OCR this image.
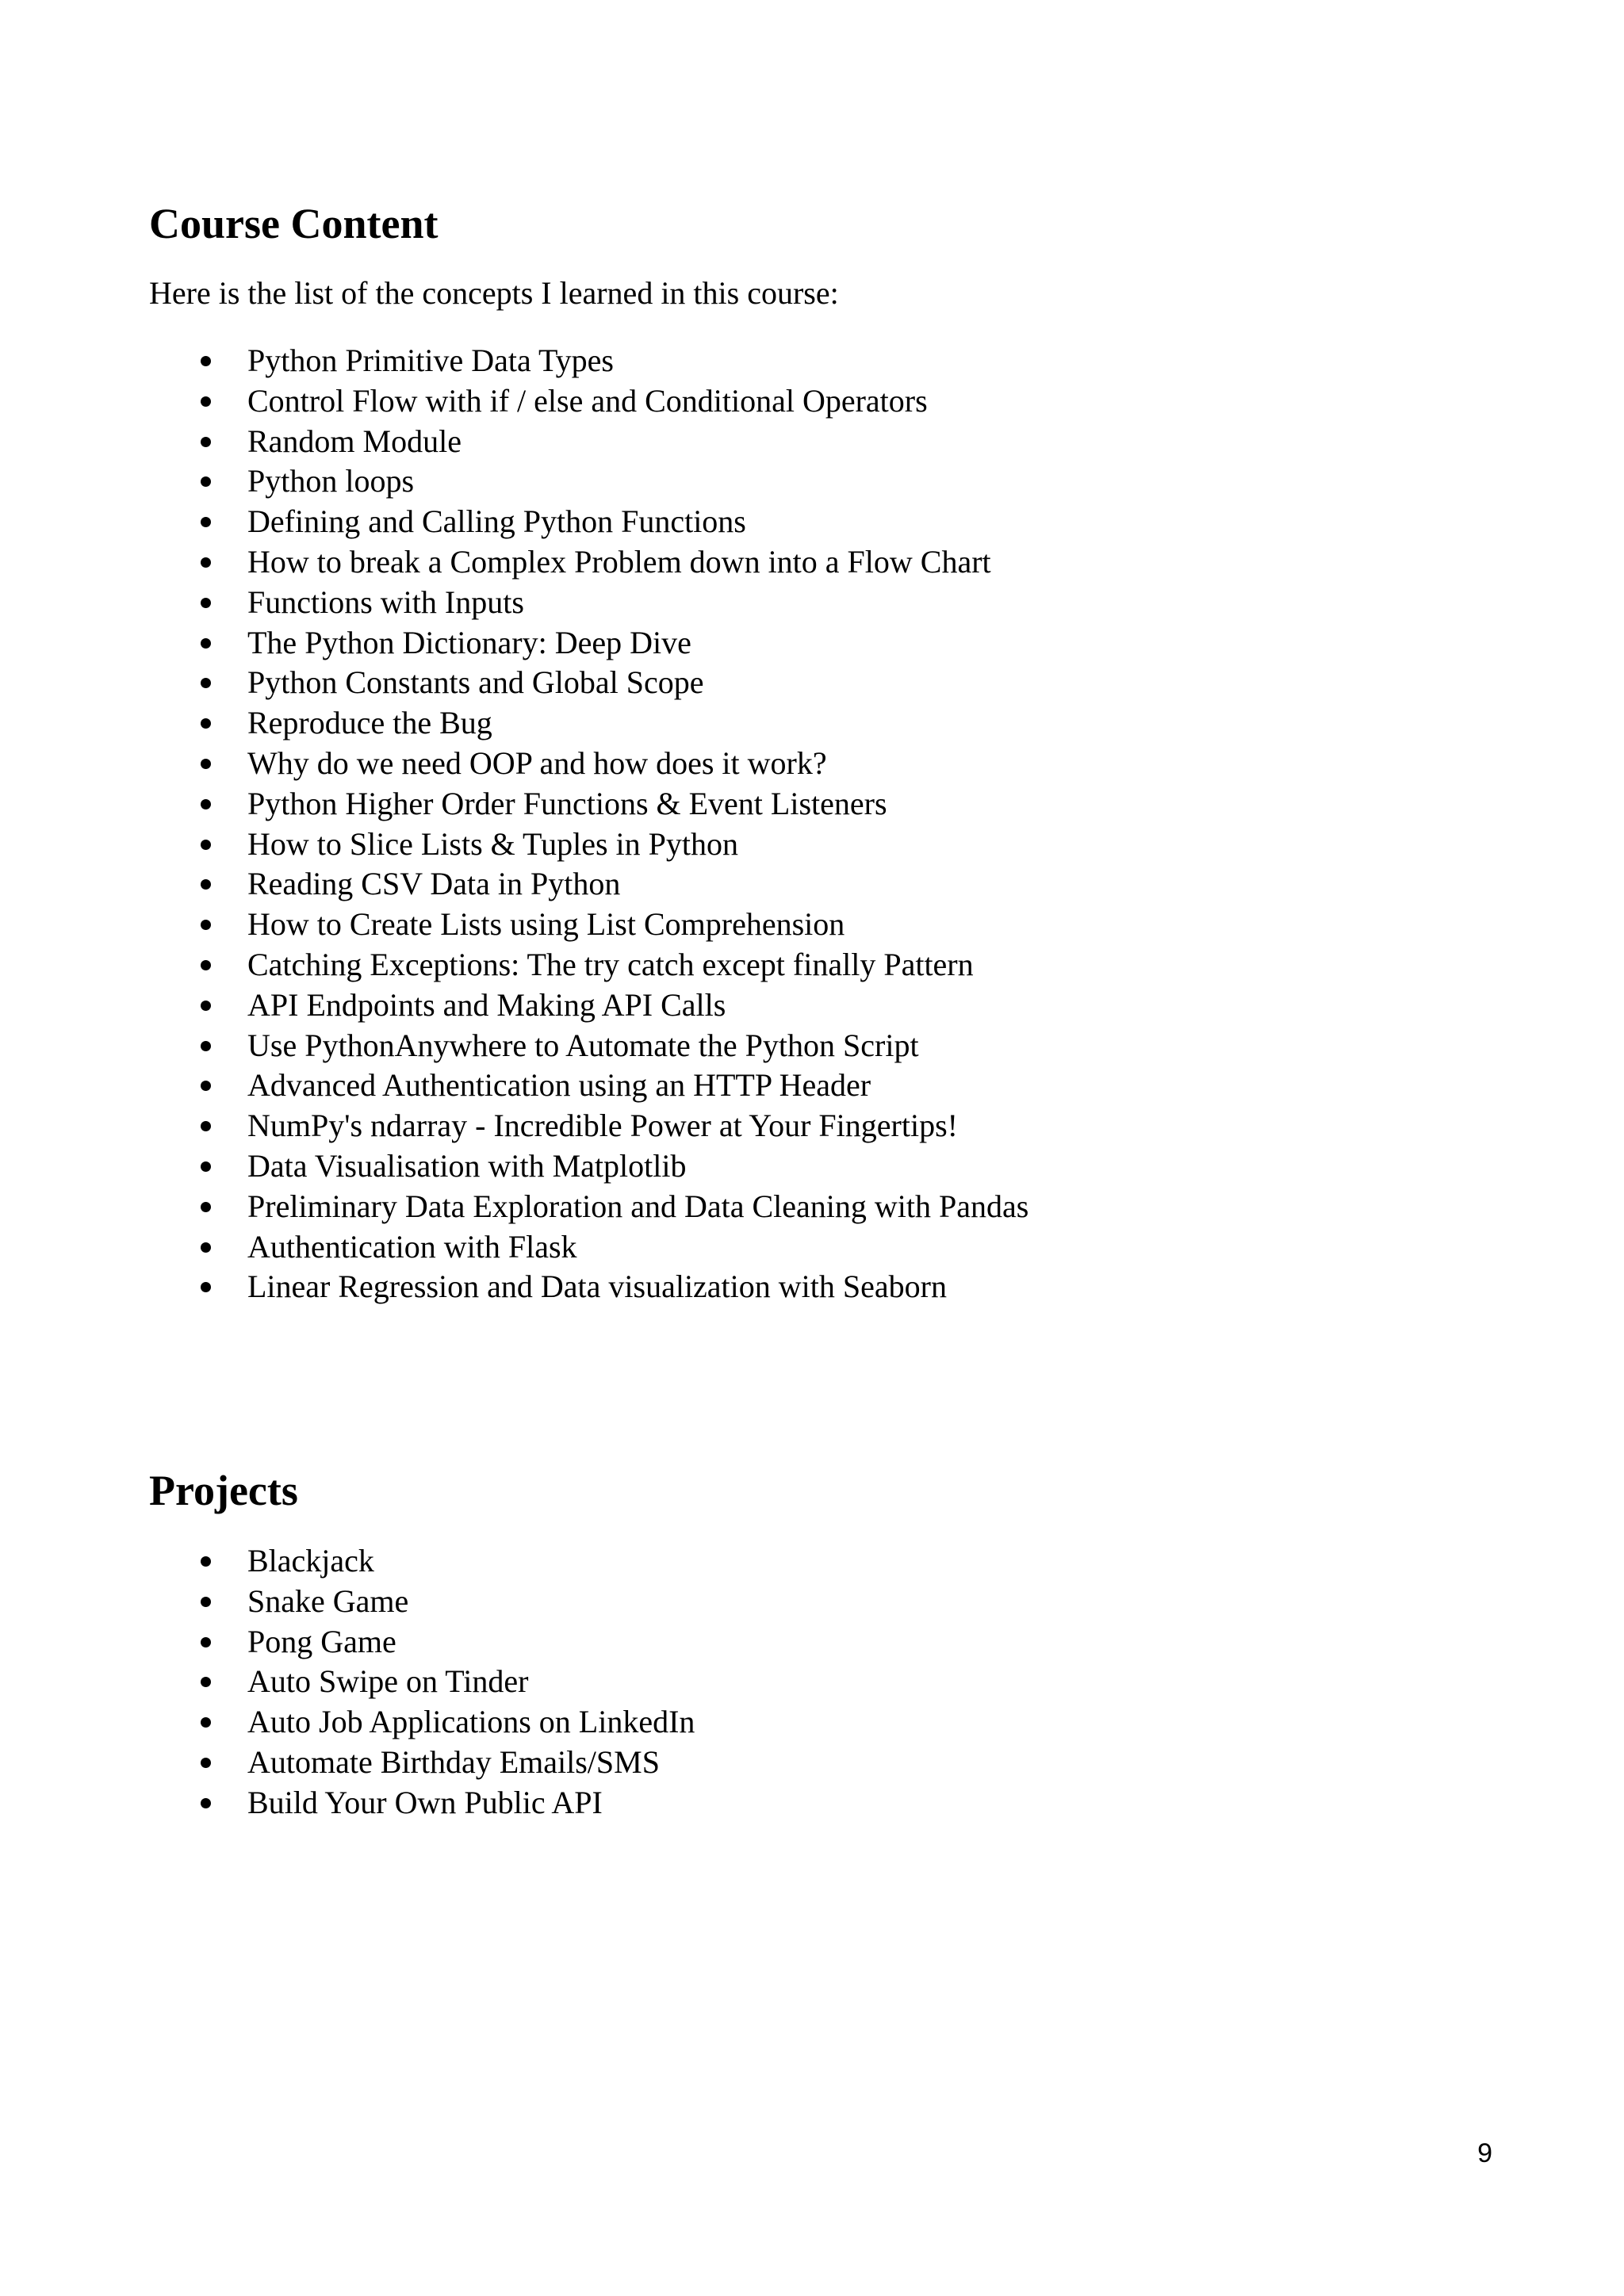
Course Content

Here is the list of the concepts I learned in this course:

Python Primitive Data Types
Control Flow with if / else and Conditional Operators
Random Module
Python loops
Defining and Calling Python Functions
How to break a Complex Problem down into a Flow Chart
Functions with Inputs
The Python Dictionary: Deep Dive
Python Constants and Global Scope
Reproduce the Bug
Why do we need OOP and how does it work?
Python Higher Order Functions & Event Listeners
How to Slice Lists & Tuples in Python
Reading CSV Data in Python
How to Create Lists using List Comprehension
Catching Exceptions: The try catch except finally Pattern
API Endpoints and Making API Calls
Use PythonAnywhere to Automate the Python Script
Advanced Authentication using an HTTP Header
NumPy's ndarray - Incredible Power at Your Fingertips!
Data Visualisation with Matplotlib
Preliminary Data Exploration and Data Cleaning with Pandas
Authentication with Flask
Linear Regression and Data visualization with Seaborn
Projects
Blackjack
Snake Game
Pong Game
Auto Swipe on Tinder
Auto Job Applications on LinkedIn
Automate Birthday Emails/SMS
Build Your Own Public API
9
